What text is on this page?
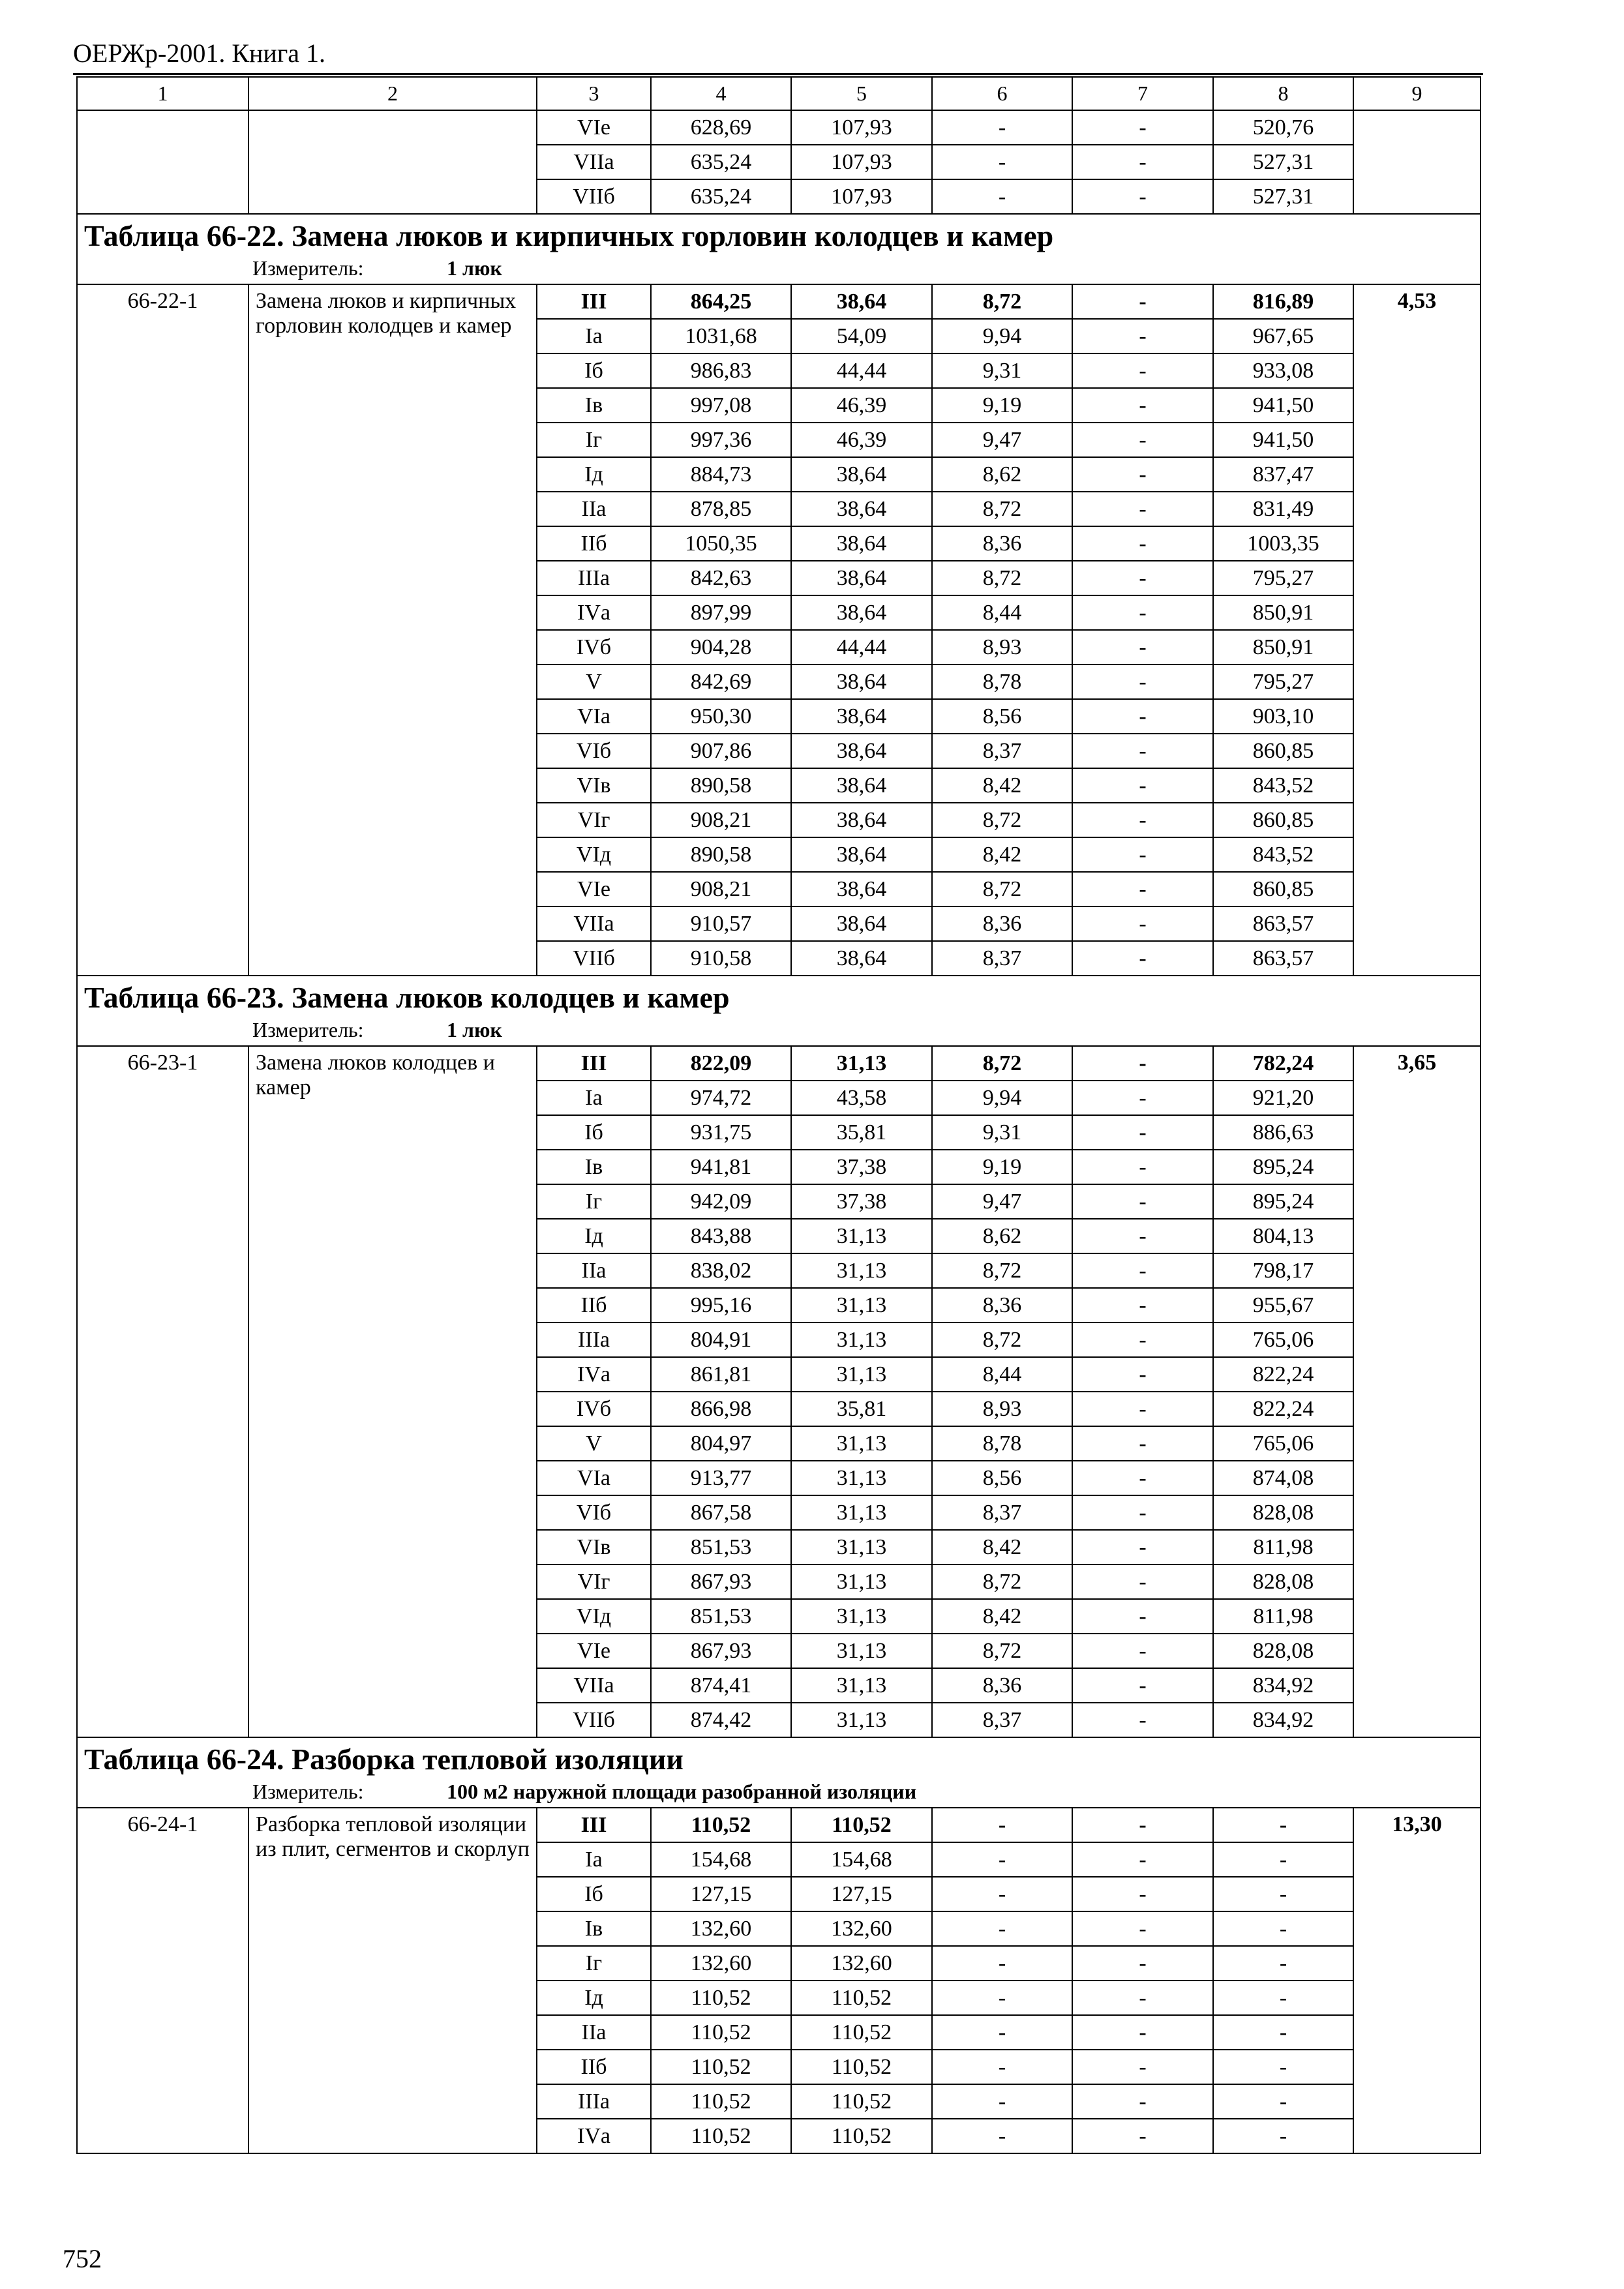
ОЕРЖр-2001. Книга 1.
1	2	3	4	5	6	7	8	9
		VIе	628,69	107,93	-	-	520,76	
		VIIа	635,24	107,93	-	-	527,31	
		VIIб	635,24	107,93	-	-	527,31	

Таблица 66-22. Замена люков и кирпичных горловин колодцев и камер
Измеритель: 1 люк								

66-22-1	Замена люков и кирпичных горловин колодцев и камер	III	864,25	38,64	8,72	-	816,89	4,53
		Iа	1031,68	54,09	9,94	-	967,65	
		Iб	986,83	44,44	9,31	-	933,08	
		Iв	997,08	46,39	9,19	-	941,50	
		Iг	997,36	46,39	9,47	-	941,50	
		Iд	884,73	38,64	8,62	-	837,47	
		IIа	878,85	38,64	8,72	-	831,49	
		IIб	1050,35	38,64	8,36	-	1003,35	
		IIIа	842,63	38,64	8,72	-	795,27	
		IVа	897,99	38,64	8,44	-	850,91	
		IVб	904,28	44,44	8,93	-	850,91	
		V	842,69	38,64	8,78	-	795,27	
		VIа	950,30	38,64	8,56	-	903,10	
		VIб	907,86	38,64	8,37	-	860,85	
		VIв	890,58	38,64	8,42	-	843,52	
		VIг	908,21	38,64	8,72	-	860,85	
		VIд	890,58	38,64	8,42	-	843,52	
		VIе	908,21	38,64	8,72	-	860,85	
		VIIа	910,57	38,64	8,36	-	863,57	
		VIIб	910,58	38,64	8,37	-	863,57	

Таблица 66-23. Замена люков колодцев и камер
Измеритель: 1 люк								

66-23-1	Замена люков колодцев и камер	III	822,09	31,13	8,72	-	782,24	3,65
		Iа	974,72	43,58	9,94	-	921,20	
		Iб	931,75	35,81	9,31	-	886,63	
		Iв	941,81	37,38	9,19	-	895,24	
		Iг	942,09	37,38	9,47	-	895,24	
		Iд	843,88	31,13	8,62	-	804,13	
		IIа	838,02	31,13	8,72	-	798,17	
		IIб	995,16	31,13	8,36	-	955,67	
		IIIа	804,91	31,13	8,72	-	765,06	
		IVа	861,81	31,13	8,44	-	822,24	
		IVб	866,98	35,81	8,93	-	822,24	
		V	804,97	31,13	8,78	-	765,06	
		VIа	913,77	31,13	8,56	-	874,08	
		VIб	867,58	31,13	8,37	-	828,08	
		VIв	851,53	31,13	8,42	-	811,98	
		VIг	867,93	31,13	8,72	-	828,08	
		VIд	851,53	31,13	8,42	-	811,98	
		VIе	867,93	31,13	8,72	-	828,08	
		VIIа	874,41	31,13	8,36	-	834,92	
		VIIб	874,42	31,13	8,37	-	834,92	

Таблица 66-24. Разборка тепловой изоляции
Измеритель: 100 м2 наружной площади разобранной изоляции								

66-24-1	Разборка тепловой изоляции из плит, сегментов и скорлуп	III	110,52	110,52	-	-	-	13,30
		Iа	154,68	154,68	-	-	-	
		Iб	127,15	127,15	-	-	-	
		Iв	132,60	132,60	-	-	-	
		Iг	132,60	132,60	-	-	-	
		Iд	110,52	110,52	-	-	-	
		IIа	110,52	110,52	-	-	-	
		IIб	110,52	110,52	-	-	-	
		IIIа	110,52	110,52	-	-	-	
		IVа	110,52	110,52	-	-	-	
752
